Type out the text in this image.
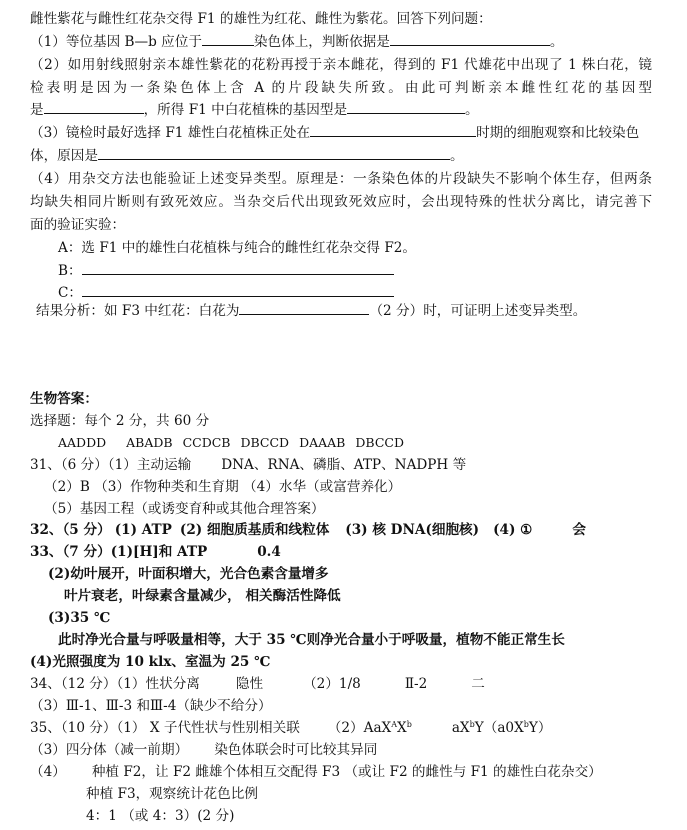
雌性紫花与雌性红花杂交得 F1 的雄性为红花、雌性为紫花。回答下列问题：
（1）等位基因 B—b 应位于	染色体上，判断依据是	。
（2）如用射线照射亲本雄性紫花的花粉再授于亲本雌花，得到的 F1 代雄花中出现了 1 株白花，镜
检表明是因为一条染色体上含 A 的片段缺失所致。由此可判断亲本雌性红花的基因型
是	，所得 F1 中白花植株的基因型是	。
（3）镜检时最好选择 F1 雄性白花植株正处在	时期的细胞观察和比较染色
体，原因是	。
（4）用杂交方法也能验证上述变异类型。原理是：一条染色体的片段缺失不影响个体生存，但两条
均缺失相同片断则有致死效应。当杂交后代出现致死效应时，会出现特殊的性状分离比，请完善下
面的验证实验：
A：选 F1 中的雄性白花植株与纯合的雌性红花杂交得 F2。
B：
C：
结果分析：如 F3 中红花：白花为	（2 分）时，可证明上述变异类型。
生物答案：
选择题：每个 2 分，共 60 分
AADDD ABADB CCDCB DBCCD DAAAB DBCCD
31、（6 分）（1）主动运输 DNA、RNA、磷脂、ATP、NADPH 等
（2）B （3）作物种类和生育期 （4）水华（或富营养化）
（5）基因工程（或诱变育种或其他合理答案）
32、（5 分） (1) ATP (2) 细胞质基质和线粒体 (3) 核 DNA(细胞核) (4) ①	会
33、（7 分）(1)[H]和 ATP	0.4
(2)幼叶展开，叶面积增大，光合色素含量增多
叶片衰老，叶绿素含量减少， 相关酶活性降低
(3)35 ℃
此时净光合量与呼吸量相等，大于 35 ℃则净光合量小于呼吸量，植物不能正常生长
(4)光照强度为 10 klx、室温为 25 ℃
34、（12 分）（1）性状分离	隐性	（2）1/8	Ⅱ-2	二
（3）Ⅲ-1、Ⅲ-3 和Ⅲ-4（缺少不给分）
35、（10 分）（1） X 子代性状与性别相关联 $(2)AaX^AX^b$	$aX^bY(a0X^bY)$
（3）四分体（减一前期） 染色体联会时可比较其异同
（4） 种植 F2，让 F2 雌雄个体相互交配得 F3 （或让 F2 的雌性与 F1 的雄性白花杂交）
种植 F3，观察统计花色比例
4：1 （或 4：3）(2 分)
